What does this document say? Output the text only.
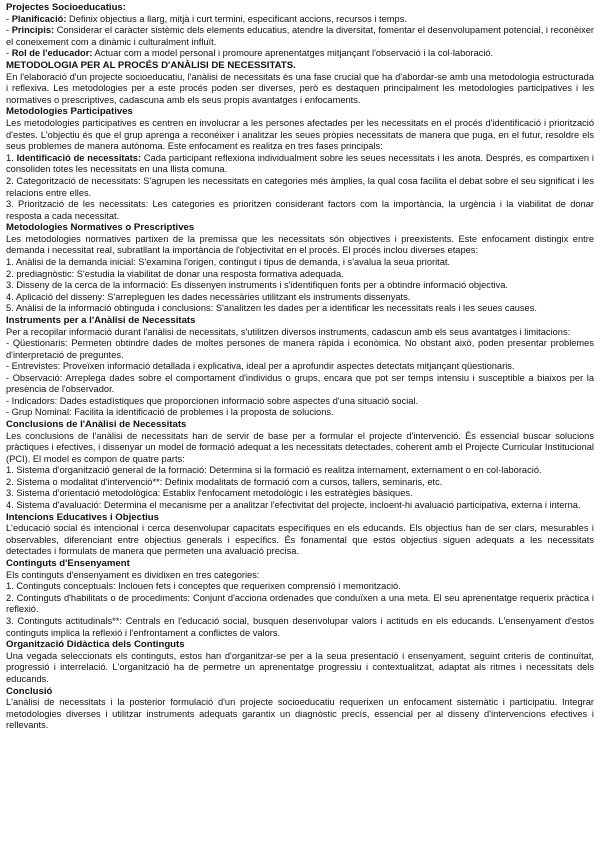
Projectes Socioeducatius:

- Planificació: Definix objectius a llarg, mitjà i curt termini, especificant accions, recursos i temps.

- Principis: Considerar el caràcter sistèmic dels elements educatius, atendre la diversitat, fomentar el desenvolupament potencial, i reconèixer el coneixement com a dinàmic i culturalment influït.

- Rol de l'educador: Actuar com a model personal i promoure aprenentatges mitjançant l'observació i la col·laboració.

METODOLOGIA PER AL PROCÉS D'ANÀLISI DE NECESSITATS.

En l'elaboració d'un projecte socioeducatiu, l'anàlisi de necessitats és una fase crucial que ha d'abordar-se amb una metodologia estructurada i reflexiva. Les metodologies per a este procés poden ser diverses, però es destaquen principalment les metodologies participatives i les normatives o prescriptives, cadascuna amb els seus propis avantatges i enfocaments.

Metodologies Participatives

Les metodologies participatives es centren en involucrar a les persones afectades per les necessitats en el procés d'identificació i priorització d'estes. L'objectiu és que el grup aprenga a reconéixer i analitzar les seues pròpies necessitats de manera que puga, en el futur, resoldre els seus problemes de manera autònoma. Este enfocament es realitza en tres fases principals:

1. Identificació de necessitats: Cada participant reflexiona individualment sobre les seues necessitats i les anota. Després, es compartixen i consoliden totes les necessitats en una llista comuna.

2. Categorització de necessitats: S'agrupen les necessitats en categories més àmplies, la qual cosa facilita el debat sobre el seu significat i les relacions entre elles.

3. Priorització de les necessitats: Les categories es prioritzen considerant factors com la importància, la urgència i la viabilitat de donar resposta a cada necessitat.

Metodologies Normatives o Prescriptives

Les metodologies normatives partixen de la premissa que les necessitats són objectives i preexistents. Este enfocament distingix entre demanda i necessitat real, subratllant la importància de l'objectivitat en el procés. El procés inclou diverses etapes:

1. Anàlisi de la demanda inicial: S'examina l'origen, contingut i tipus de demanda, i s'avalua la seua prioritat.

2. prediagnòstic: S'estudia la viabilitat de donar una resposta formativa adequada.

3. Disseny de la cerca de la informació: Es dissenyen instruments i s'identifiquen fonts per a obtindre informació objectiva.

4. Aplicació del disseny: S'arrepleguen les dades necessàries utilitzant els instruments dissenyats.

5. Anàlisi de la informació obtinguda i conclusions: S'analitzen les dades per a identificar les necessitats reals i les seues causes.

Instruments per a l'Anàlisi de Necessitats

Per a recopilar informació durant l'anàlisi de necessitats, s'utilitzen diversos instruments, cadascun amb els seus avantatges i limitacions:

- Qüestionaris: Permeten obtindre dades de moltes persones de manera ràpida i econòmica. No obstant això, poden presentar problemes d'interpretació de preguntes.

- Entrevistes: Proveïxen informació detallada i explicativa, ideal per a aprofundir aspectes detectats mitjançant qüestionaris.

- Observació: Arreplega dades sobre el comportament d'individus o grups, encara que pot ser temps intensiu i susceptible a biaixos per la presència de l'observador.

- Indicadors: Dades estadístiques que proporcionen informació sobre aspectes d'una situació social.

- Grup Nominal: Facilita la identificació de problemes i la proposta de solucions.

Conclusions de l'Anàlisi de Necessitats

Les conclusions de l'anàlisi de necessitats han de servir de base per a formular el projecte d'intervenció. És essencial buscar solucions pràctiques i efectives, i dissenyar un model de formació adequat a les necessitats detectades, coherent amb el Projecte Curricular Institucional (PCI). El model es compon de quatre parts:

1. Sistema d'organització general de la formació: Determina si la formació es realitza internament, externament o en col·laboració.

2. Sistema o modalitat d'intervenció**: Definix modalitats de formació com a cursos, tallers, seminaris, etc.

3. Sistema d'orientació metodològica: Establix l'enfocament metodològic i les estratègies bàsiques.

4. Sistema d'avaluació: Determina el mecanisme per a analitzar l'efectivitat del projecte, incloent-hi avaluació participativa, externa i interna.

Intencions Educatives i Objectius

L'educació social és intencional i cerca desenvolupar capacitats específiques en els educands. Els objectius han de ser clars, mesurables i observables, diferenciant entre objectius generals i específics. És fonamental que estos objectius siguen adequats a les necessitats detectades i formulats de manera que permeten una avaluació precisa.

Continguts d'Ensenyament

Els continguts d'ensenyament es dividixen en tres categories:

1. Continguts conceptuals: Inclouen fets i conceptes que requerixen comprensió i memorització.

2. Continguts d'habilitats o de procediments: Conjunt d'acciona ordenades que conduïxen a una meta. El seu aprenentatge requerix pràctica i reflexió.

3. Continguts actitudinals**: Centrals en l'educació social, busquen desenvolupar valors i actituds en els educands. L'ensenyament d'estos continguts implica la reflexió i l'enfrontament a conflictes de valors.

Organització Didàctica dels Continguts

Una vegada seleccionats els continguts, estos han d'organitzar-se per a la seua presentació i ensenyament, seguint criteris de continuïtat, progressió i interrelació. L'organització ha de permetre un aprenentatge progressiu i contextualitzat, adaptat als ritmes i necessitats dels educands.

Conclusió

L'anàlisi de necessitats i la posterior formulació d'un projecte socioeducatiu requerixen un enfocament sistemàtic i participatiu. Integrar metodologies diverses i utilitzar instruments adequats garantix un diagnòstic precís, essencial per al disseny d'intervencions efectives i rellevants.
